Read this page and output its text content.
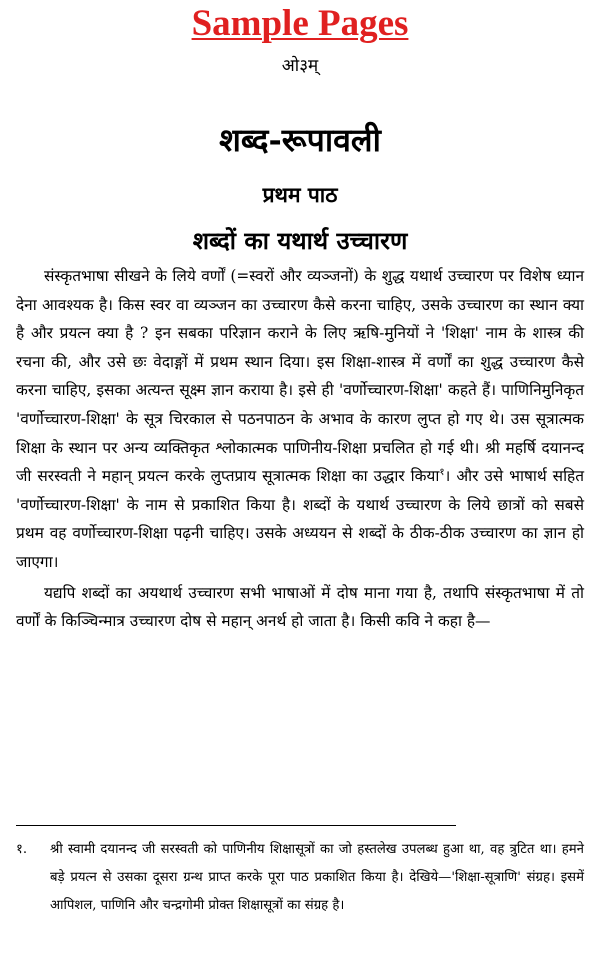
Sample Pages
ओ३म्
शब्द-रूपावली
प्रथम पाठ
शब्दों का यथार्थ उच्चारण

संस्कृतभाषा सीखने के लिये वर्णों (=स्वरों और व्यञ्जनों) के शुद्ध यथार्थ उच्चारण पर विशेष ध्यान देना आवश्यक है। किस स्वर वा व्यञ्जन का उच्चारण कैसे करना चाहिए, उसके उच्चारण का स्थान क्या है और प्रयत्न क्या है ? इन सबका परिज्ञान कराने के लिए ऋषि-मुनियों ने 'शिक्षा' नाम के शास्त्र की रचना की, और उसे छः वेदाङ्गों में प्रथम स्थान दिया। इस शिक्षा-शास्त्र में वर्णों का शुद्ध उच्चारण कैसे करना चाहिए, इसका अत्यन्त सूक्ष्म ज्ञान कराया है। इसे ही 'वर्णोच्चारण-शिक्षा' कहते हैं। पाणिनिमुनिकृत 'वर्णोच्चारण-शिक्षा' के सूत्र चिरकाल से पठनपाठन के अभाव के कारण लुप्त हो गए थे। उस सूत्रात्मक शिक्षा के स्थान पर अन्य व्यक्तिकृत श्लोकात्मक पाणिनीय-शिक्षा प्रचलित हो गई थी। श्री महर्षि दयानन्द जी सरस्वती ने महान् प्रयत्न करके लुप्तप्राय सूत्रात्मक शिक्षा का उद्धार किया$^१$। और उसे भाषार्थ सहित 'वर्णोच्चारण-शिक्षा' के नाम से प्रकाशित किया है। शब्दों के यथार्थ उच्चारण के लिये छात्रों को सबसे प्रथम वह वर्णोच्चारण-शिक्षा पढ़नी चाहिए। उसके अध्ययन से शब्दों के ठीक-ठीक उच्चारण का ज्ञान हो जाएगा।

यद्यपि शब्दों का अयथार्थ उच्चारण सभी भाषाओं में दोष माना गया है, तथापि संस्कृतभाषा में तो वर्णों के किञ्चिन्मात्र उच्चारण दोष से महान् अनर्थ हो जाता है। किसी कवि ने कहा है—

१. श्री स्वामी दयानन्द जी सरस्वती को पाणिनीय शिक्षासूत्रों का जो हस्तलेख उपलब्ध हुआ था, वह त्रुटित था। हमने बड़े प्रयत्न से उसका दूसरा ग्रन्थ प्राप्त करके पूरा पाठ प्रकाशित किया है। देखिये—'शिक्षा-सूत्राणि' संग्रह। इसमें आपिशल, पाणिनि और चन्द्रगोमी प्रोक्त शिक्षासूत्रों का संग्रह है।
